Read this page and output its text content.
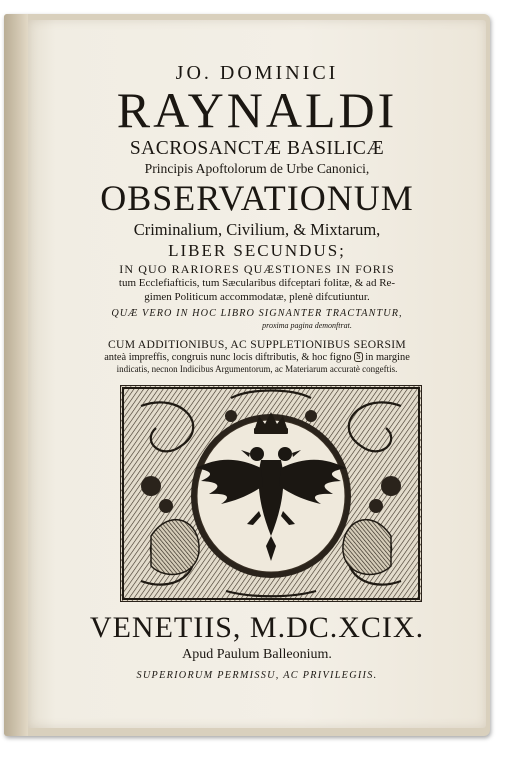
JO. DOMINICI
RAYNALDI
SACROSANCTÆ BASILICÆ
Principis Apoftolorum de Urbe Canonici,
OBSERVATIONUM
Criminalium, Civilium, & Mixtarum,
LIBER SECUNDUS;
IN QUO RARIORES QUÆSTIONES IN FORIS
tum Ecclefiafticis, tum Sæcularibus difceptari folitæ, & ad Re-
gimen Politicum accommodatæ, plenè difcutiuntur.
QUÆ VERO IN HOC LIBRO SIGNANTER TRACTANTUR,
proxima pagina demonftrat.
CUM ADDITIONIBUS, AC SUPPLETIONIBUS SEORSIM
anteà impreffis, congruis nunc locis diftributis, & hoc figno S in margine
indicatis, necnon Indicibus Argumentorum, ac Materiarum accuratè congeftis.
VENETIIS, M.DC.XCIX.
Apud Paulum Balleonium.
SUPERIORUM PERMISSU, AC PRIVILEGIIS.
